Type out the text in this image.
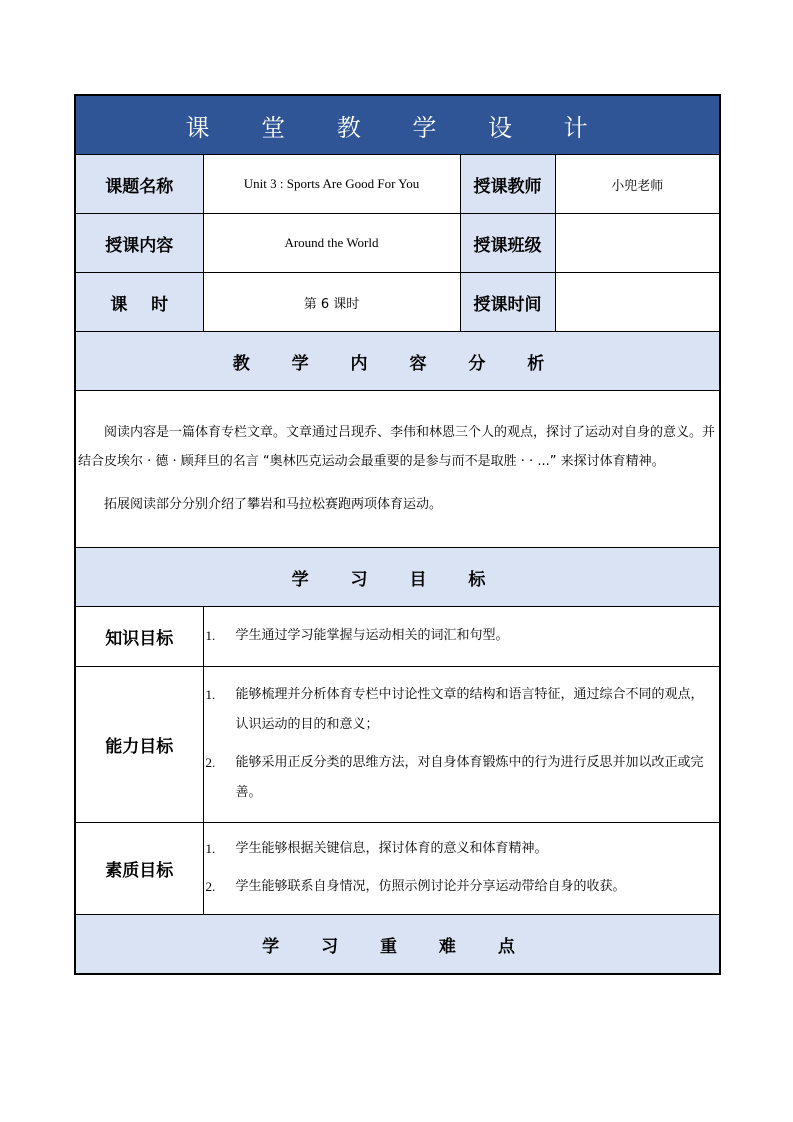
课 堂 教 学 设 计			
课题名称	Unit 3 : Sports Are Good For You	授课教师	小兜老师
授课内容	Around the World	授课班级	
课    时	第 6 课时	授课时间	
教 学 内 容 分 析			

阅读内容是一篇体育专栏文章。文章通过吕现乔、李伟和林恩三个人的观点，探讨了运动对自身的意义。并结合皮埃尔 · 德 · 顾拜旦的名言 “奥林匹克运动会最重要的是参与而不是取胜 · · ...” 来探讨体育精神。

拓展阅读部分分别介绍了攀岩和马拉松赛跑两项体育运动。			

学 习 目 标			
知识目标	1. 学生通过学习能掌握与运动相关的词汇和句型。		

能力目标	1. 能够梳理并分析体育专栏中讨论性文章的结构和语言特征，通过综合不同的观点，认识运动的目的和意义；
2. 能够采用正反分类的思维方法，对自身体育锻炼中的行为进行反思并加以改正或完善。		

素质目标	1. 学生能够根据关键信息，探讨体育的意义和体育精神。
2. 学生能够联系自身情况，仿照示例讨论并分享运动带给自身的收获。		

学 习 重 难 点			
